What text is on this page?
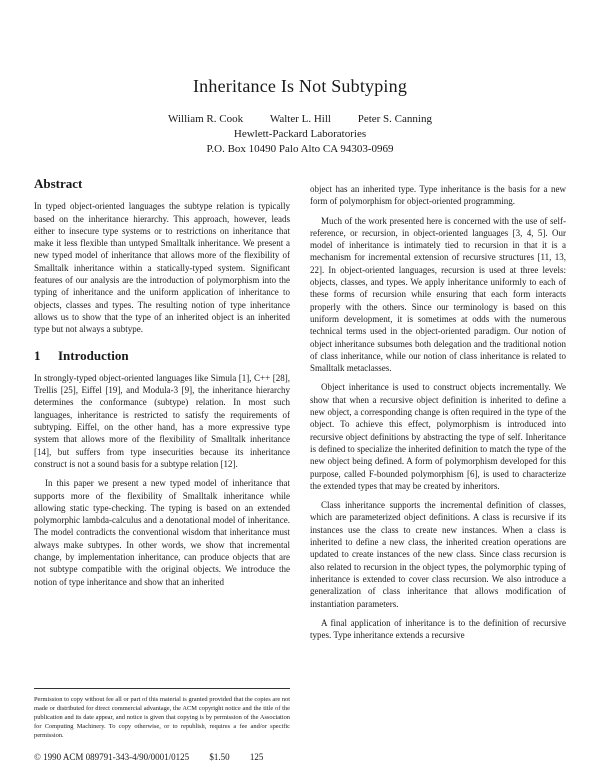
Inheritance Is Not Subtyping
William R. Cook Walter L. Hill Peter S. Canning
Hewlett-Packard Laboratories
P.O. Box 10490 Palo Alto CA 94303-0969
Abstract

In typed object-oriented languages the subtype relation is typically based on the inheritance hierarchy. This approach, however, leads either to insecure type systems or to restrictions on inheritance that make it less flexible than untyped Smalltalk inheritance. We present a new typed model of inheritance that allows more of the flexibility of Smalltalk inheritance within a statically-typed system. Significant features of our analysis are the introduction of polymorphism into the typing of inheritance and the uniform application of inheritance to objects, classes and types. The resulting notion of type inheritance allows us to show that the type of an inherited object is an inherited type but not always a subtype.

1 Introduction

In strongly-typed object-oriented languages like Simula [1], C++ [28], Trellis [25], Eiffel [19], and Modula-3 [9], the inheritance hierarchy determines the conformance (subtype) relation. In most such languages, inheritance is restricted to satisfy the requirements of subtyping. Eiffel, on the other hand, has a more expressive type system that allows more of the flexibility of Smalltalk inheritance [14], but suffers from type insecurities because its inheritance construct is not a sound basis for a subtype relation [12].

In this paper we present a new typed model of inheritance that supports more of the flexibility of Smalltalk inheritance while allowing static type-checking. The typing is based on an extended polymorphic lambda-calculus and a denotational model of inheritance. The model contradicts the conventional wisdom that inheritance must always make subtypes. In other words, we show that incremental change, by implementation inheritance, can produce objects that are not subtype compatible with the original objects. We introduce the notion of type inheritance and show that an inherited

object has an inherited type. Type inheritance is the basis for a new form of polymorphism for object-oriented programming.

Much of the work presented here is concerned with the use of self-reference, or recursion, in object-oriented languages [3, 4, 5]. Our model of inheritance is intimately tied to recursion in that it is a mechanism for incremental extension of recursive structures [11, 13, 22]. In object-oriented languages, recursion is used at three levels: objects, classes, and types. We apply inheritance uniformly to each of these forms of recursion while ensuring that each form interacts properly with the others. Since our terminology is based on this uniform development, it is sometimes at odds with the numerous technical terms used in the object-oriented paradigm. Our notion of object inheritance subsumes both delegation and the traditional notion of class inheritance, while our notion of class inheritance is related to Smalltalk metaclasses.

Object inheritance is used to construct objects incrementally. We show that when a recursive object definition is inherited to define a new object, a corresponding change is often required in the type of the object. To achieve this effect, polymorphism is introduced into recursive object definitions by abstracting the type of self. Inheritance is defined to specialize the inherited definition to match the type of the new object being defined. A form of polymorphism developed for this purpose, called F-bounded polymorphism [6], is used to characterize the extended types that may be created by inheritors.

Class inheritance supports the incremental definition of classes, which are parameterized object definitions. A class is recursive if its instances use the class to create new instances. When a class is inherited to define a new class, the inherited creation operations are updated to create instances of the new class. Since class recursion is also related to recursion in the object types, the polymorphic typing of inheritance is extended to cover class recursion. We also introduce a generalization of class inheritance that allows modification of instantiation parameters.

A final application of inheritance is to the definition of recursive types. Type inheritance extends a recursive

Permission to copy without fee all or part of this material is granted provided that the copies are not made or distributed for direct commercial advantage, the ACM copyright notice and the title of the publication and its date appear, and notice is given that copying is by permission of the Association for Computing Machinery. To copy otherwise, or to republish, requires a fee and/or specific permission.
© 1990 ACM 089791-343-4/90/0001/0125 $1.50 125
